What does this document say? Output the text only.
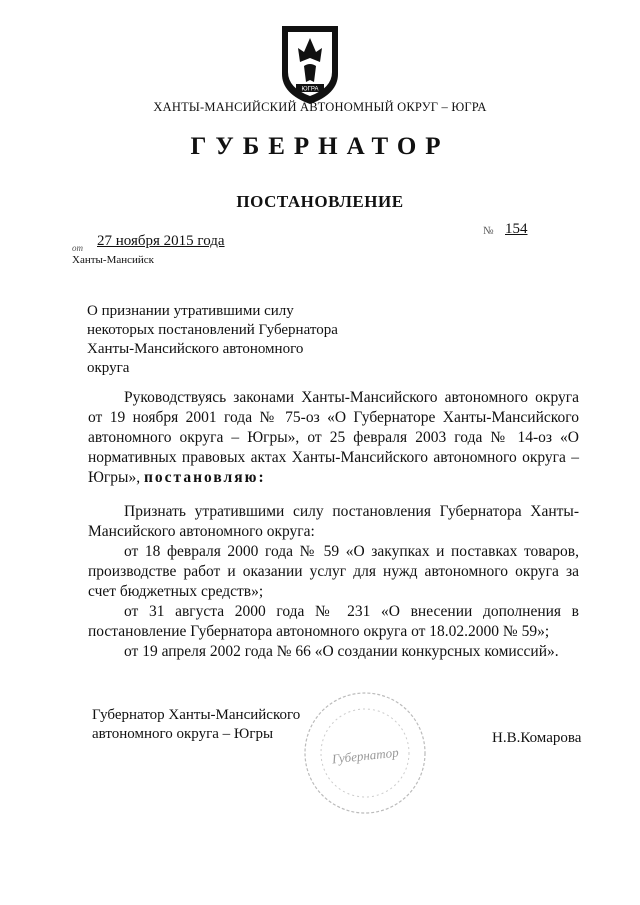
ЮГРА
ХАНТЫ-МАНСИЙСКИЙ АВТОНОМНЫЙ ОКРУГ – ЮГРА
ГУБЕРНАТОР
ПОСТАНОВЛЕНИЕ
от 27 ноября 2015 года
№ 154
Ханты-Мансийск
О признании утратившими силу некоторых постановлений Губернатора Ханты-Мансийского автономного округа

Руководствуясь законами Ханты-Мансийского автономного округа от 19 ноября 2001 года № 75-оз «О Губернаторе Ханты-Мансийского автономного округа – Югры», от 25 февраля 2003 года № 14-оз «О нормативных правовых актах Ханты-Мансийского автономного округа – Югры», постановляю:

Признать утратившими силу постановления Губернатора Ханты-Мансийского автономного округа:

от 18 февраля 2000 года № 59 «О закупках и поставках товаров, производстве работ и оказании услуг для нужд автономного округа за счет бюджетных средств»;

от 31 августа 2000 года № 231 «О внесении дополнения в постановление Губернатора автономного округа от 18.02.2000 № 59»;

от 19 апреля 2002 года № 66 «О создании конкурсных комиссий».

Губернатор Ханты-Мансийского автономного округа – Югры
Губернатор
Н.В.Комарова
